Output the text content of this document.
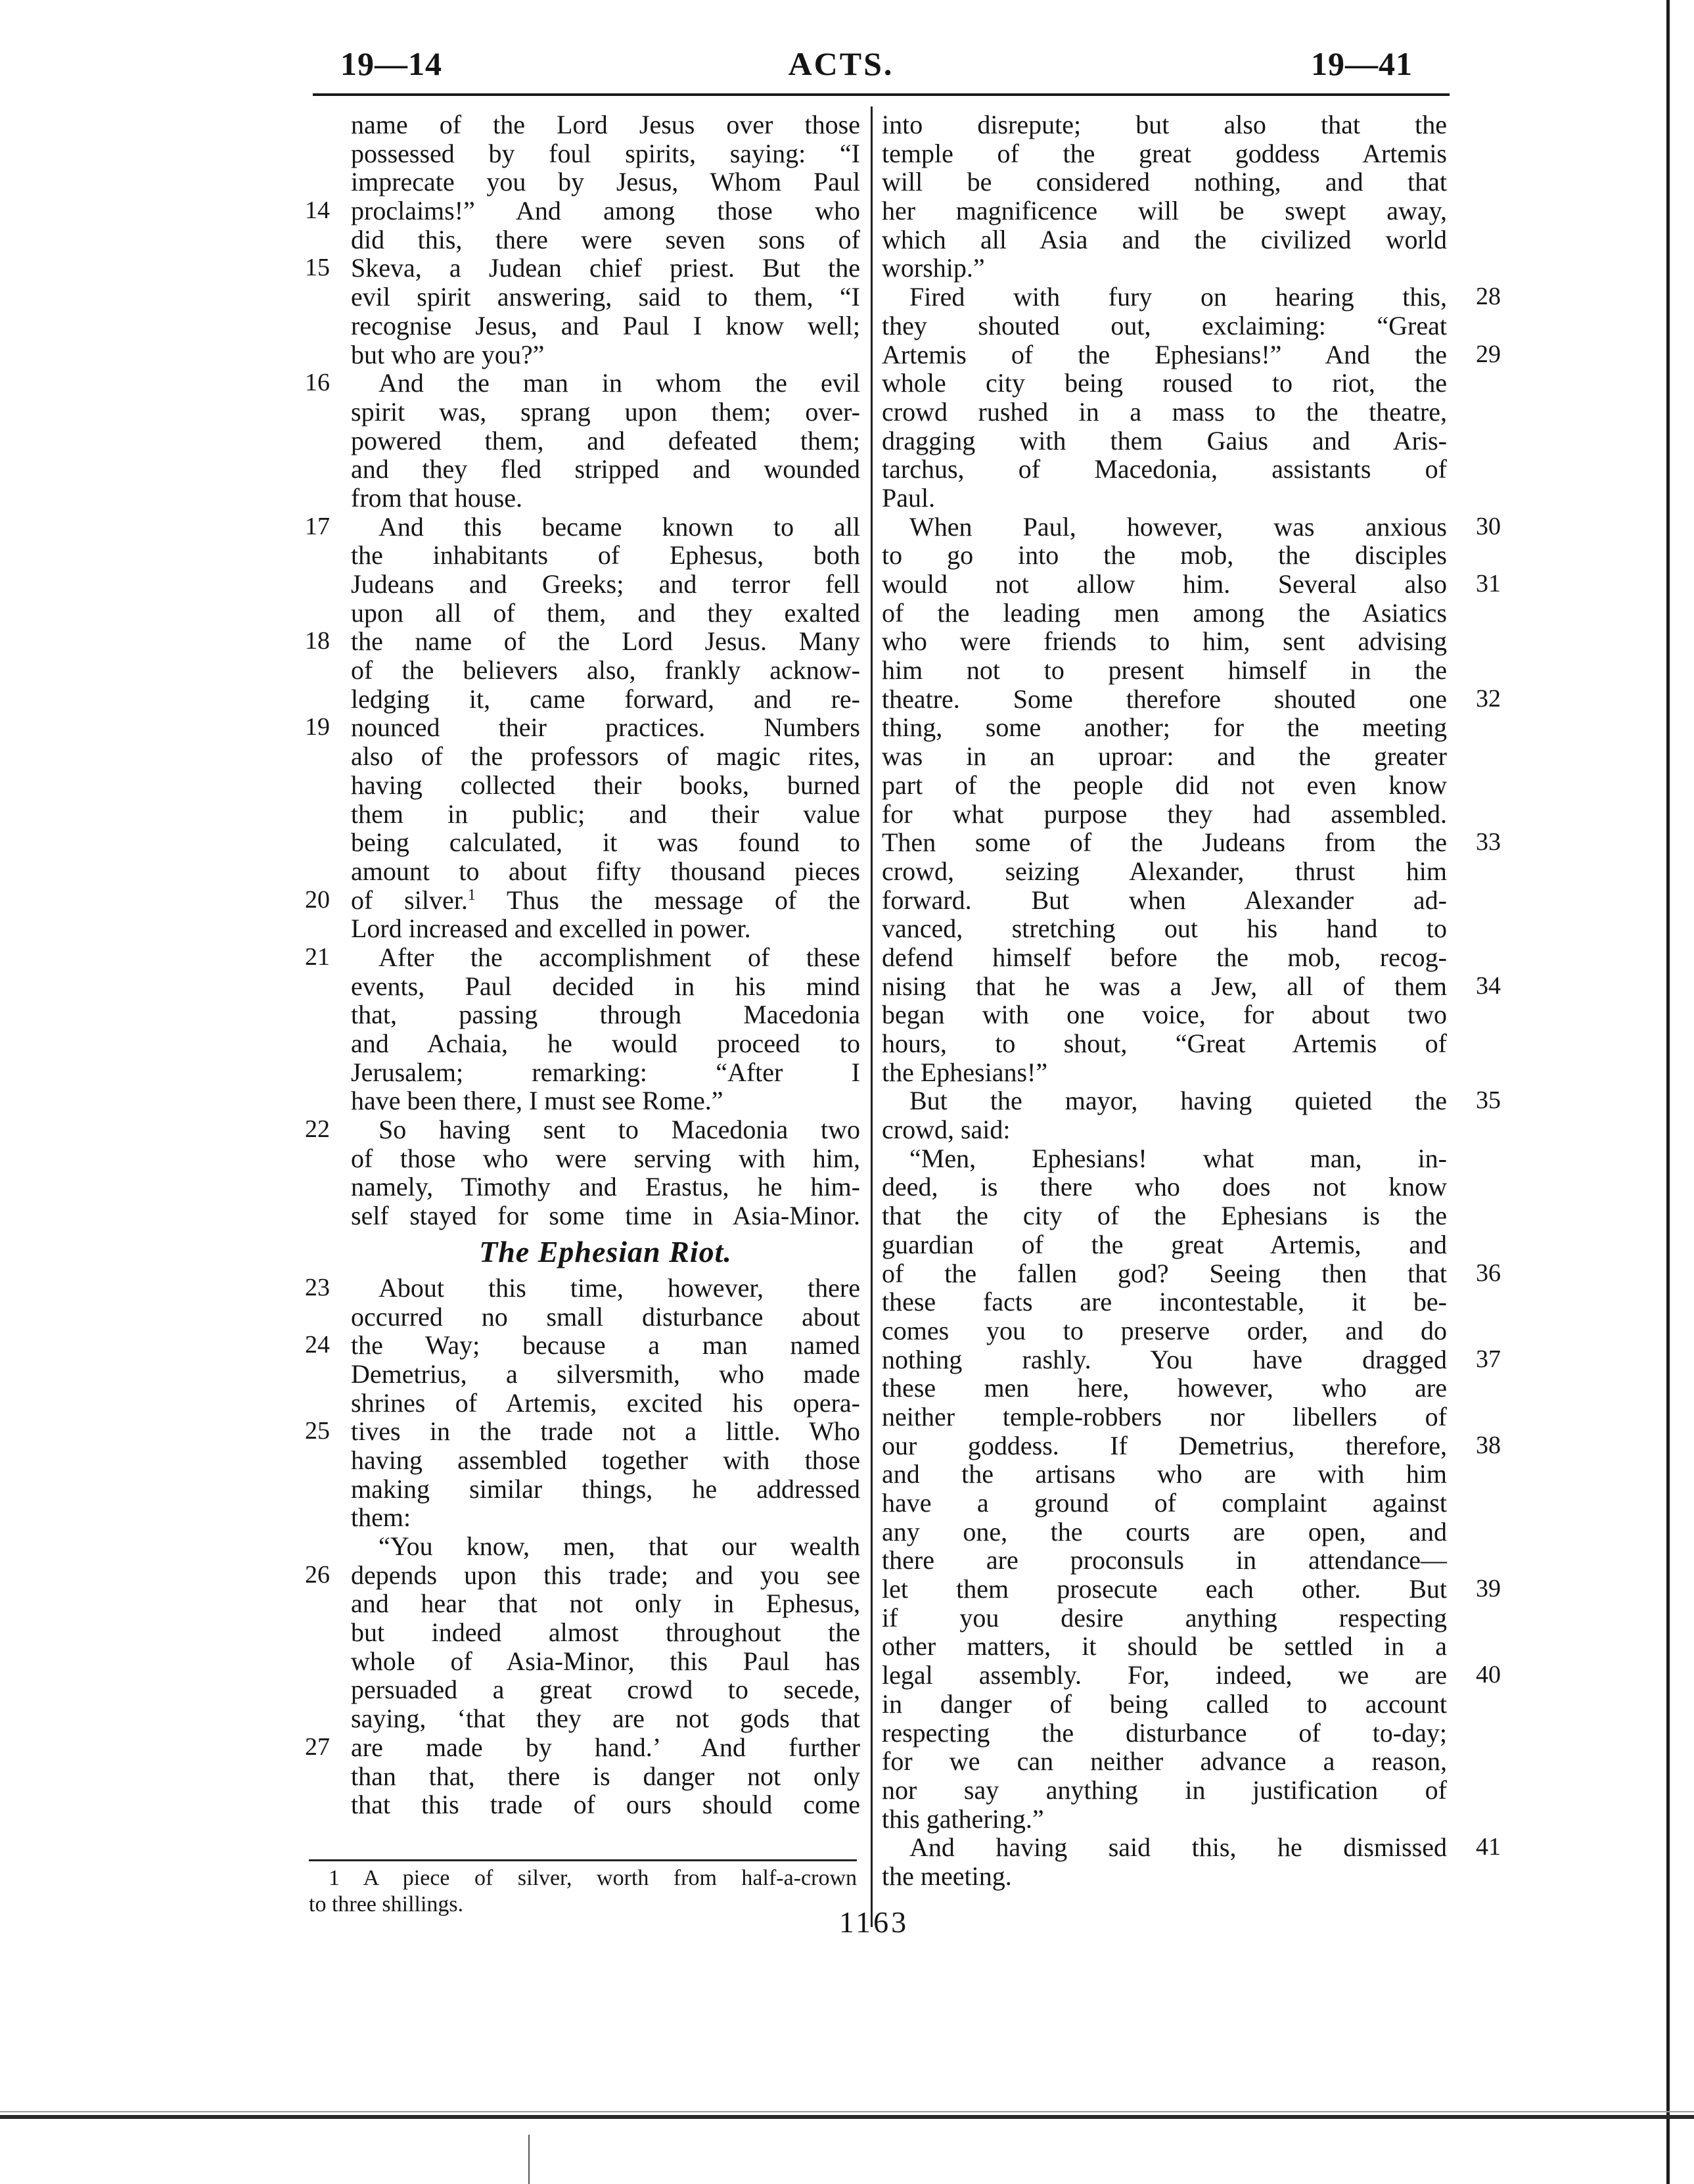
19—14	ACTS.	19—41
name of the Lord Jesus over those
possessed by foul spirits, saying: “I
imprecate you by Jesus, Whom Paul
14 proclaims!” And among those who
did this, there were seven sons of
15 Skeva, a Judean chief priest. But the
evil spirit answering, said to them, “I
recognise Jesus, and Paul I know well;
but who are you?”
16 And the man in whom the evil
spirit was, sprang upon them; over-
powered them, and defeated them;
and they fled stripped and wounded
from that house.
17 And this became known to all
the inhabitants of Ephesus, both
Judeans and Greeks; and terror fell
upon all of them, and they exalted
18 the name of the Lord Jesus. Many
of the believers also, frankly acknow-
ledging it, came forward, and re-
19 nounced their practices. Numbers
also of the professors of magic rites,
having collected their books, burned
them in public; and their value
being calculated, it was found to
amount to about fifty thousand pieces
20 of silver.$^1$ Thus the message of the
Lord increased and excelled in power.
21 After the accomplishment of these
events, Paul decided in his mind
that, passing through Macedonia
and Achaia, he would proceed to
Jerusalem; remarking: “After I
have been there, I must see Rome.”
22 So having sent to Macedonia two
of those who were serving with him,
namely, Timothy and Erastus, he him-
self stayed for some time in Asia-Minor.
The Ephesian Riot.
23 About this time, however, there
occurred no small disturbance about
24 the Way; because a man named
Demetrius, a silversmith, who made
shrines of Artemis, excited his opera-
25 tives in the trade not a little. Who
having assembled together with those
making similar things, he addressed
them:
“You know, men, that our wealth
26 depends upon this trade; and you see
and hear that not only in Ephesus,
but indeed almost throughout the
whole of Asia-Minor, this Paul has
persuaded a great crowd to secede,
saying, ‘that they are not gods that
27 are made by hand.’ And further
than that, there is danger not only
that this trade of ours should come
into disrepute; but also that the
temple of the great goddess Artemis
will be considered nothing, and that
her magnificence will be swept away,
which all Asia and the civilized world
worship.”
28
Fired with fury on hearing this,
they shouted out, exclaiming: “Great
29
Artemis of the Ephesians!” And the
whole city being roused to riot, the
crowd rushed in a mass to the theatre,
dragging with them Gaius and Aris-
tarchus, of Macedonia, assistants of
Paul.
30
When Paul, however, was anxious
to go into the mob, the disciples
31
would not allow him. Several also
of the leading men among the Asiatics
who were friends to him, sent advising
him not to present himself in the
32
theatre. Some therefore shouted one
thing, some another; for the meeting
was in an uproar: and the greater
part of the people did not even know
for what purpose they had assembled.
33
Then some of the Judeans from the
crowd, seizing Alexander, thrust him
forward. But when Alexander ad-
vanced, stretching out his hand to
defend himself before the mob, recog-
34
nising that he was a Jew, all of them
began with one voice, for about two
hours, to shout, “Great Artemis of
the Ephesians!”
35
But the mayor, having quieted the
crowd, said:
“Men, Ephesians! what man, in-
deed, is there who does not know
that the city of the Ephesians is the
guardian of the great Artemis, and
36
of the fallen god? Seeing then that
these facts are incontestable, it be-
comes you to preserve order, and do
37
nothing rashly. You have dragged
these men here, however, who are
neither temple-robbers nor libellers of
38
our goddess. If Demetrius, therefore,
and the artisans who are with him
have a ground of complaint against
any one, the courts are open, and
there are proconsuls in attendance—
39
let them prosecute each other. But
if you desire anything respecting
other matters, it should be settled in a
40
legal assembly. For, indeed, we are
in danger of being called to account
respecting the disturbance of to-day;
for we can neither advance a reason,
nor say anything in justification of
this gathering.”
41
And having said this, he dismissed
the meeting.
1 A piece of silver, worth from half-a-crown
to three shillings.
1163
